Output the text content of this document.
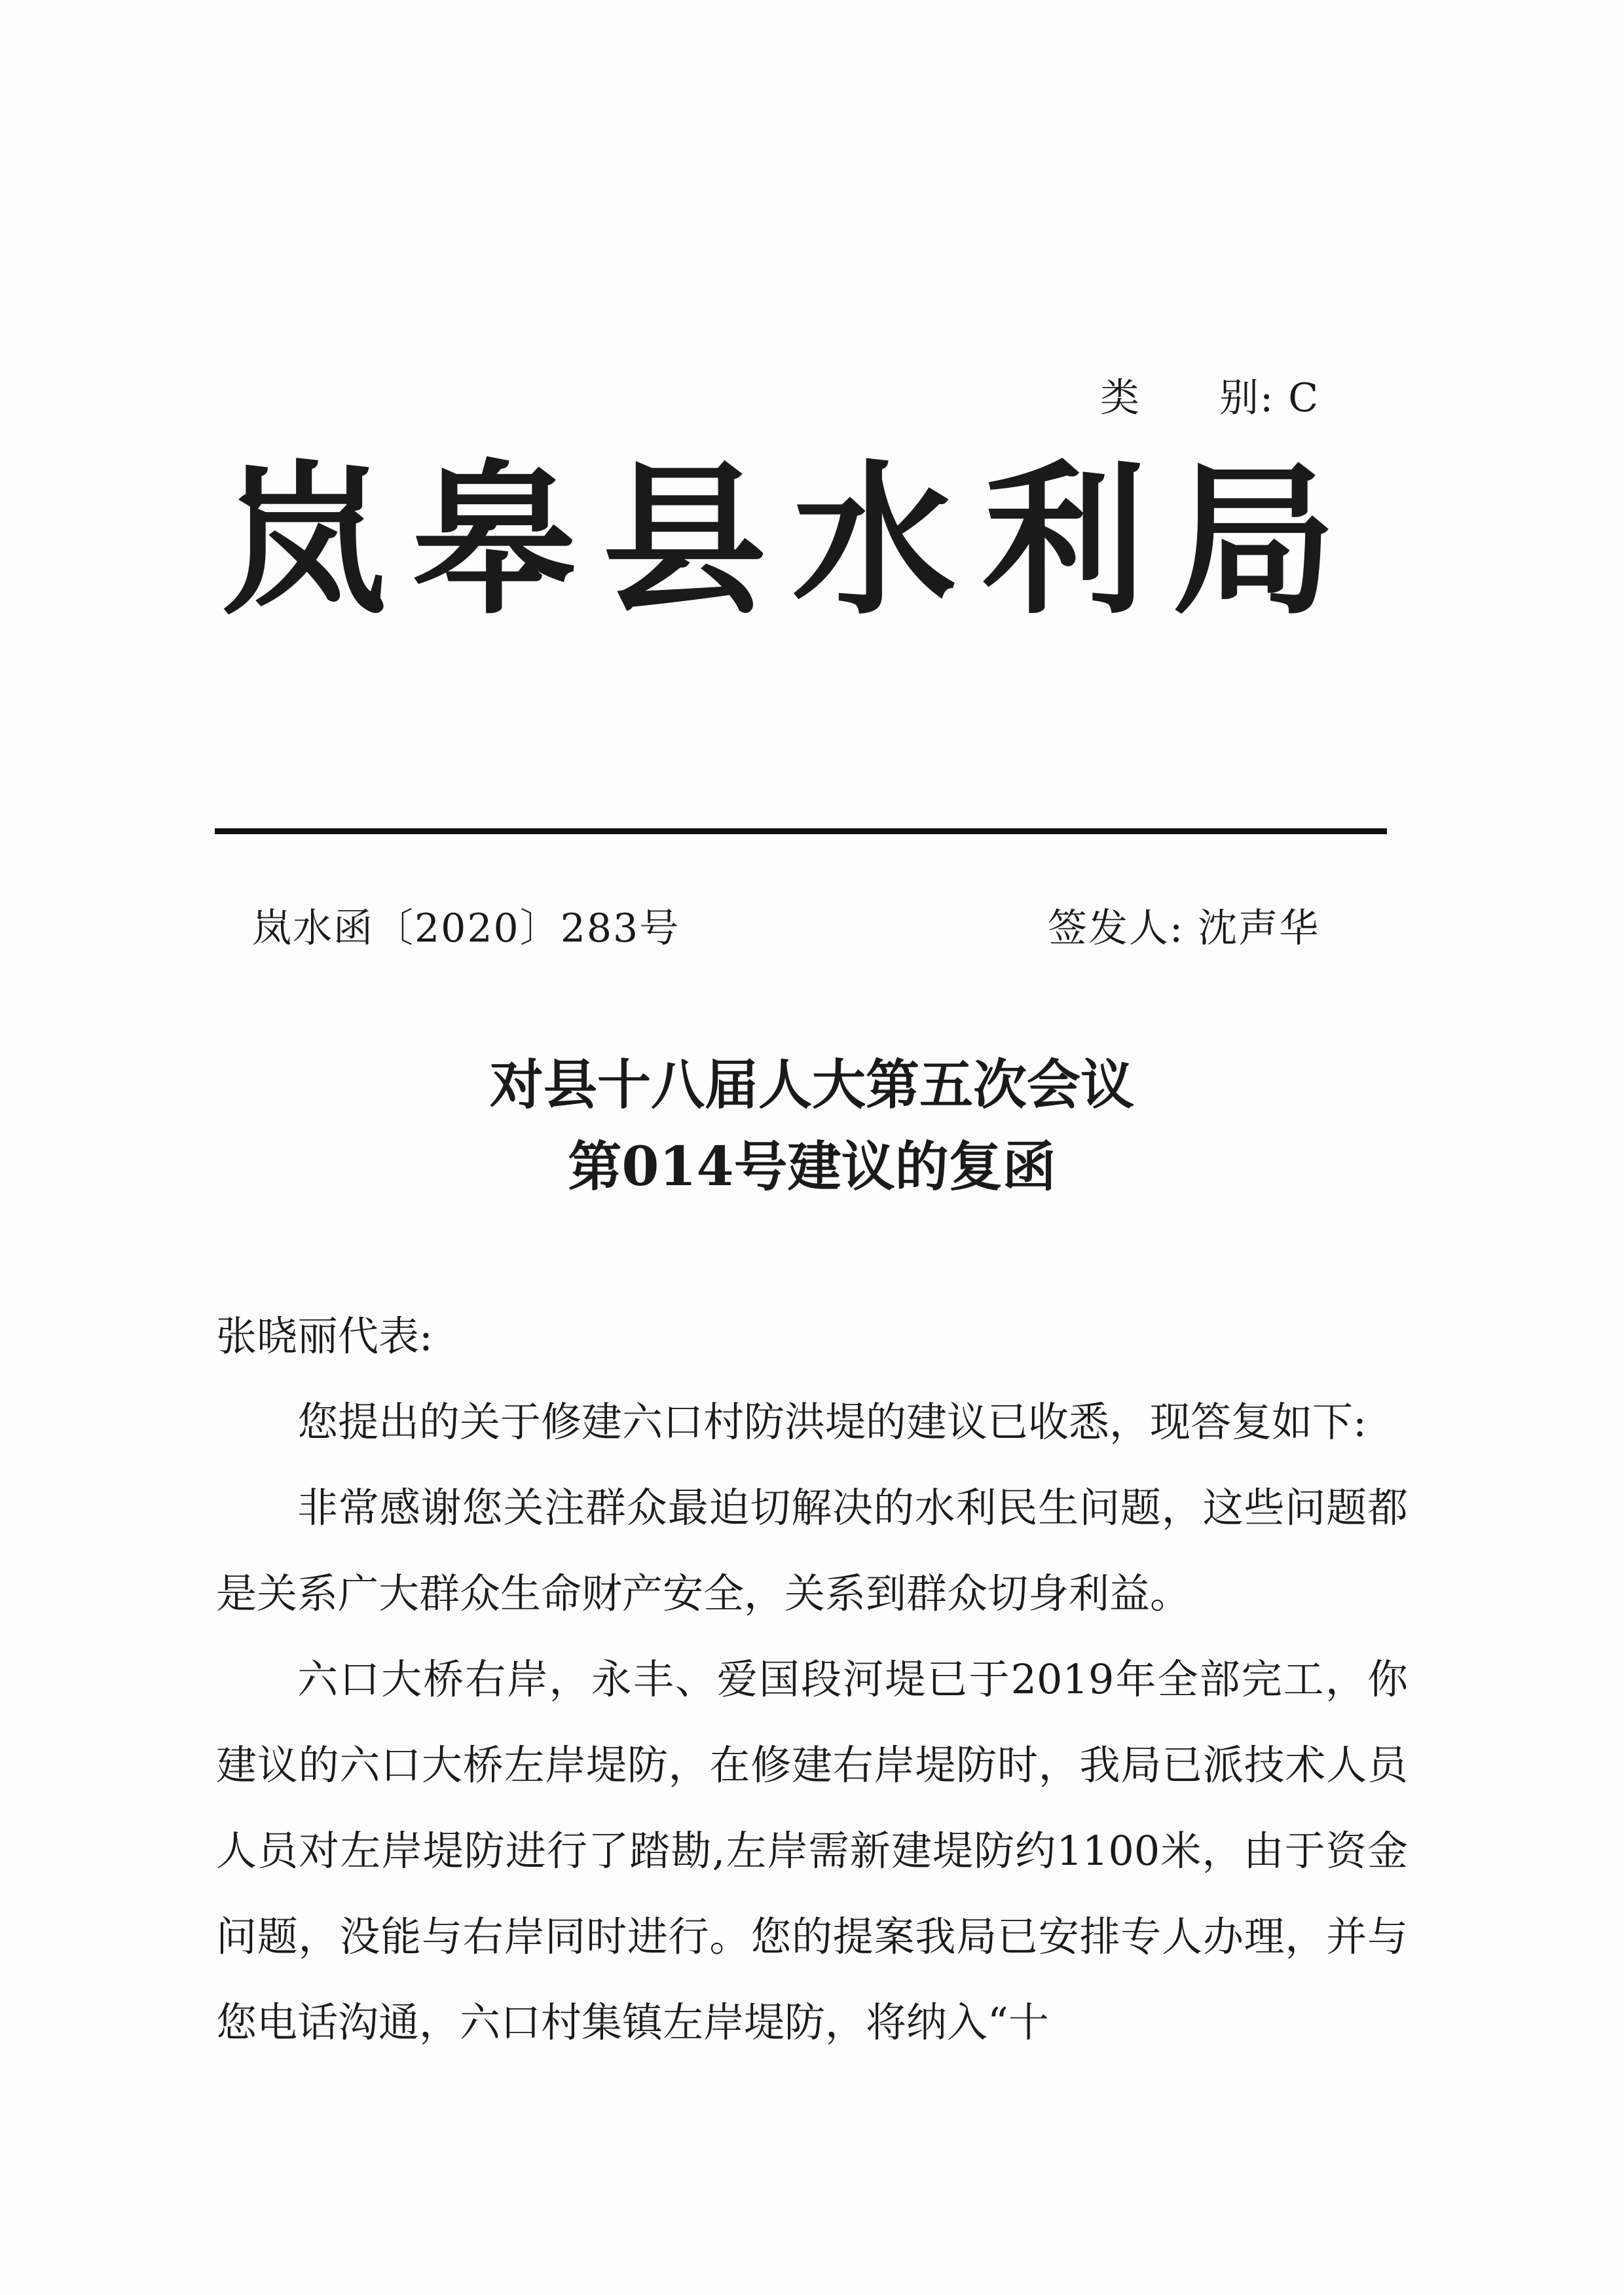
类 别: C
岚皋县水利局
岚水函〔2020〕283号	签发人: 沈声华
对县十八届人大第五次会议
第014号建议的复函

张晓丽代表:

您提出的关于修建六口村防洪堤的建议已收悉，现答复如下:

非常感谢您关注群众最迫切解决的水利民生问题，这些问题都是关系广大群众生命财产安全，关系到群众切身利益。

六口大桥右岸，永丰、爱国段河堤已于2019年全部完工，你建议的六口大桥左岸堤防，在修建右岸堤防时，我局已派技术人员人员对左岸堤防进行了踏勘,左岸需新建堤防约1100米，由于资金问题，没能与右岸同时进行。您的提案我局已安排专人办理，并与您电话沟通，六口村集镇左岸堤防，将纳入“十
